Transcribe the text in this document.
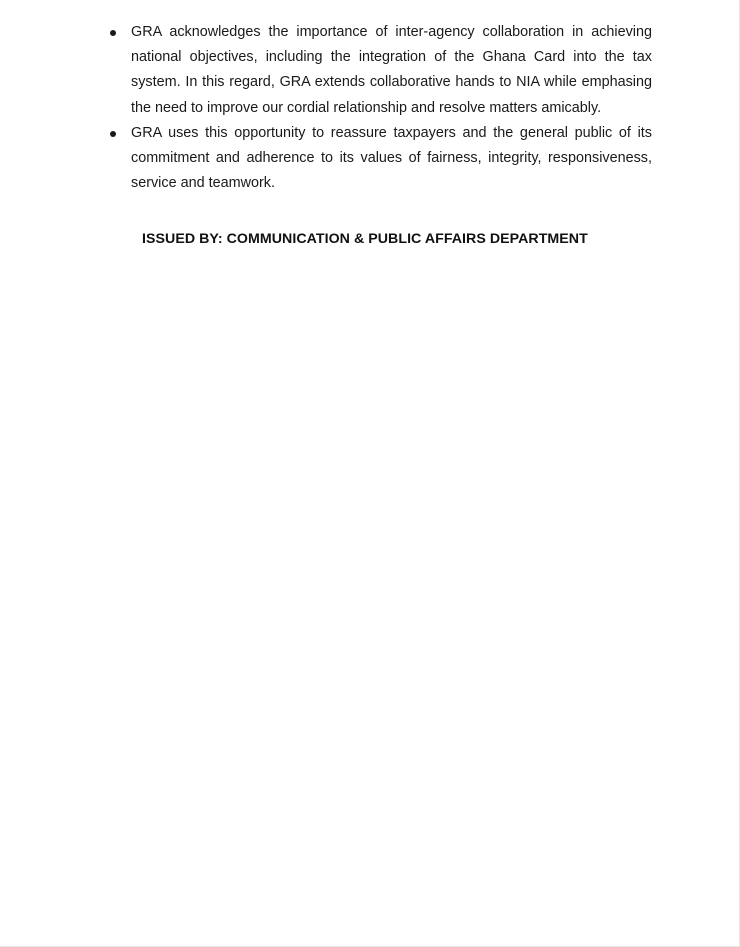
GRA acknowledges the importance of inter-agency collaboration in achieving national objectives, including the integration of the Ghana Card into the tax system. In this regard, GRA extends collaborative hands to NIA while emphasing the need to improve our cordial relationship and resolve matters amicably.
GRA uses this opportunity to reassure taxpayers and the general public of its commitment and adherence to its values of fairness, integrity, responsiveness, service and teamwork.
ISSUED BY: COMMUNICATION & PUBLIC AFFAIRS DEPARTMENT
